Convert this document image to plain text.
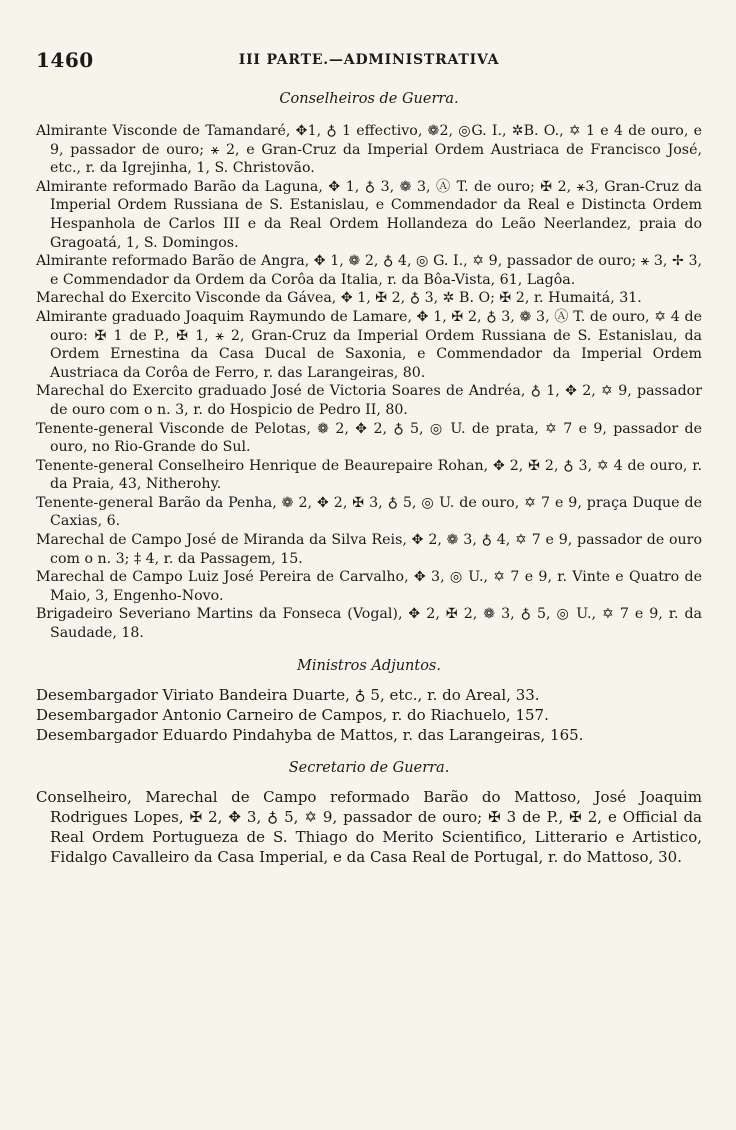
1460	III PARTE.—ADMINISTRATIVA
Conselheiros de Guerra.
Almirante Visconde de Tamandaré, ✥1, ♁ 1 effectivo, ❁2, ◎G. I., ✲B. O., ✡ 1 e 4 de ouro, e 9, passador de ouro; ⚹ 2, e Gran-Cruz da Imperial Ordem Austriaca de Francisco José, etc., r. da Igrejinha, 1, S. Christovão.
Almirante reformado Barão da Laguna, ✥ 1, ♁ 3, ❁ 3, Ⓐ T. de ouro; ✠ 2, ⚹3, Gran-Cruz da Imperial Ordem Russiana de S. Estanislau, e Commendador da Real e Distincta Ordem Hespanhola de Carlos III e da Real Ordem Hollandeza do Leão Neerlandez, praia do Gragoatá, 1, S. Domingos.
Almirante reformado Barão de Angra, ✥ 1, ❁ 2, ♁ 4, ◎ G. I., ✡ 9, passador de ouro; ⚹ 3, ✢ 3, e Commendador da Ordem da Corôa da Italia, r. da Bôa-Vista, 61, Lagôa.
Marechal do Exercito Visconde da Gávea, ✥ 1, ✠ 2, ♁ 3, ✲ B. O; ✠ 2, r. Humaitá, 31.
Almirante graduado Joaquim Raymundo de Lamare, ✥ 1, ✠ 2, ♁ 3, ❁ 3, Ⓐ T. de ouro, ✡ 4 de ouro: ✠ 1 de P., ✠ 1, ⚹ 2, Gran-Cruz da Imperial Ordem Russiana de S. Estanislau, da Ordem Ernestina da Casa Ducal de Saxonia, e Commendador da Imperial Ordem Austriaca da Corôa de Ferro, r. das Larangeiras, 80.
Marechal do Exercito graduado José de Victoria Soares de Andréa, ♁ 1, ✥ 2, ✡ 9, passador de ouro com o n. 3, r. do Hospicio de Pedro II, 80.
Tenente-general Visconde de Pelotas, ❁ 2, ✥ 2, ♁ 5, ◎ U. de prata, ✡ 7 e 9, passador de ouro, no Rio-Grande do Sul.
Tenente-general Conselheiro Henrique de Beaurepaire Rohan, ✥ 2, ✠ 2, ♁ 3, ✡ 4 de ouro, r. da Praia, 43, Nitherohy.
Tenente-general Barão da Penha, ❁ 2, ✥ 2, ✠ 3, ♁ 5, ◎ U. de ouro, ✡ 7 e 9, praça Duque de Caxias, 6.
Marechal de Campo José de Miranda da Silva Reis, ✥ 2, ❁ 3, ♁ 4, ✡ 7 e 9, passador de ouro com o n. 3; ‡ 4, r. da Passagem, 15.
Marechal de Campo Luiz José Pereira de Carvalho, ✥ 3, ◎ U., ✡ 7 e 9, r. Vinte e Quatro de Maio, 3, Engenho-Novo.
Brigadeiro Severiano Martins da Fonseca (Vogal), ✥ 2, ✠ 2, ❁ 3, ♁ 5, ◎ U., ✡ 7 e 9, r. da Saudade, 18.
Ministros Adjuntos.
Desembargador Viriato Bandeira Duarte, ♁ 5, etc., r. do Areal, 33.
Desembargador Antonio Carneiro de Campos, r. do Riachuelo, 157.
Desembargador Eduardo Pindahyba de Mattos, r. das Larangeiras, 165.
Secretario de Guerra.
Conselheiro, Marechal de Campo reformado Barão do Mattoso, José Joaquim Rodrigues Lopes, ✠ 2, ✥ 3, ♁ 5, ✡ 9, passador de ouro; ✠ 3 de P., ✠ 2, e Official da Real Ordem Portugueza de S. Thiago do Merito Scientifico, Litterario e Artistico, Fidalgo Cavalleiro da Casa Imperial, e da Casa Real de Portugal, r. do Mattoso, 30.
